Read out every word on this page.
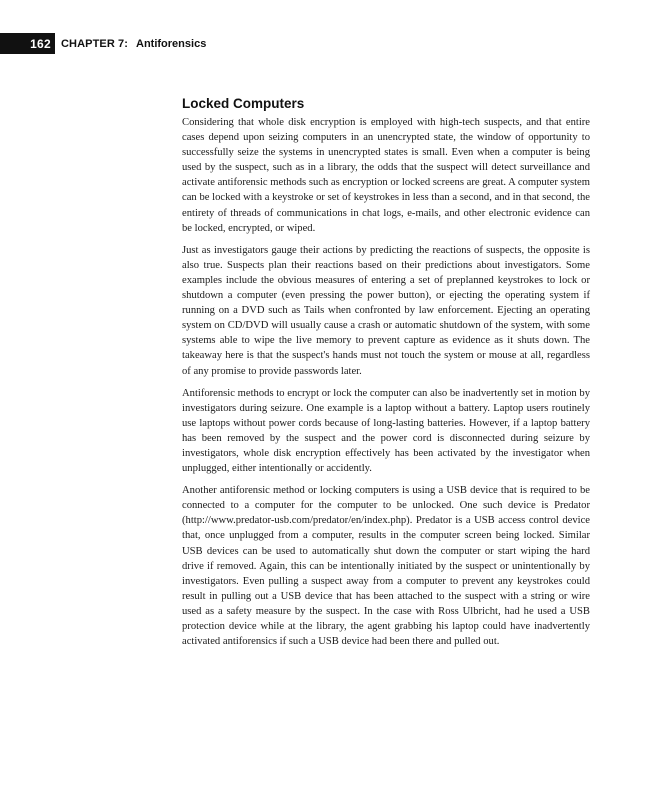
162 CHAPTER 7: Antiforensics
Locked Computers

Considering that whole disk encryption is employed with high-tech suspects, and that entire cases depend upon seizing computers in an unencrypted state, the window of opportunity to successfully seize the systems in unencrypted states is small. Even when a computer is being used by the suspect, such as in a library, the odds that the suspect will detect surveillance and activate antiforensic methods such as encryption or locked screens are great. A computer system can be locked with a keystroke or set of keystrokes in less than a second, and in that second, the entirety of threads of communications in chat logs, e-mails, and other electronic evidence can be locked, encrypted, or wiped.

Just as investigators gauge their actions by predicting the reactions of suspects, the opposite is also true. Suspects plan their reactions based on their predictions about investigators. Some examples include the obvious measures of entering a set of preplanned keystrokes to lock or shutdown a computer (even pressing the power button), or ejecting the operating system if running on a DVD such as Tails when confronted by law enforcement. Ejecting an operating system on CD/DVD will usually cause a crash or automatic shutdown of the system, with some systems able to wipe the live memory to prevent capture as evidence as it shuts down. The takeaway here is that the suspect's hands must not touch the system or mouse at all, regardless of any promise to provide passwords later.

Antiforensic methods to encrypt or lock the computer can also be inadvertently set in motion by investigators during seizure. One example is a laptop without a battery. Laptop users routinely use laptops without power cords because of long-lasting batteries. However, if a laptop battery has been removed by the suspect and the power cord is disconnected during seizure by investigators, whole disk encryption effectively has been activated by the investigator when unplugged, either intentionally or accidently.

Another antiforensic method or locking computers is using a USB device that is required to be connected to a computer for the computer to be unlocked. One such device is Predator (http://www.predator-usb.com/predator/en/index.php). Predator is a USB access control device that, once unplugged from a computer, results in the computer screen being locked. Similar USB devices can be used to automatically shut down the computer or start wiping the hard drive if removed. Again, this can be intentionally initiated by the suspect or unintentionally by investigators. Even pulling a suspect away from a computer to prevent any keystrokes could result in pulling out a USB device that has been attached to the suspect with a string or wire used as a safety measure by the suspect. In the case with Ross Ulbricht, had he used a USB protection device while at the library, the agent grabbing his laptop could have inadvertently activated antiforensics if such a USB device had been there and pulled out.
